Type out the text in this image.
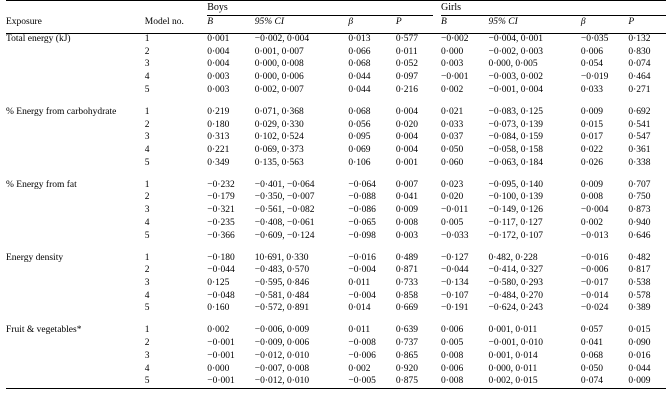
		Boys					Girls			
Exposure	Model no.	B	95% CI	β	P		B	95% CI	β	P

Total energy (kJ)	1	0·001	−0·002, 0·004	0·013	0·577		−0·002	−0·004, 0·001	−0·035	0·132
	2	0·004	0·001, 0·007	0·066	0·011		0·000	−0·002, 0·003	0·006	0·830
	3	0·004	0·000, 0·008	0·068	0·052		0·003	0·000, 0·005	0·054	0·074
	4	0·003	0·000, 0·006	0·044	0·097		−0·001	−0·003, 0·002	−0·019	0·464
	5	0·003	0·002, 0·007	0·044	0·216		0·002	−0·001, 0·004	0·033	0·271

% Energy from carbohydrate	1	0·219	0·071, 0·368	0·068	0·004		0·021	−0·083, 0·125	0·009	0·692
	2	0·180	0·029, 0·330	0·056	0·020		0·033	−0·073, 0·139	0·015	0·541
	3	0·313	0·102, 0·524	0·095	0·004		0·037	−0·084, 0·159	0·017	0·547
	4	0·221	0·069, 0·373	0·069	0·004		0·050	−0·058, 0·158	0·022	0·361
	5	0·349	0·135, 0·563	0·106	0·001		0·060	−0·063, 0·184	0·026	0·338

% Energy from fat	1	−0·232	−0·401, −0·064	−0·064	0·007		0·023	−0·095, 0·140	0·009	0·707
	2	−0·179	−0·350, −0·007	−0·088	0·041		0·020	−0·100, 0·139	0·008	0·750
	3	−0·321	−0·561, −0·082	−0·086	0·009		−0·011	−0·149, 0·126	−0·004	0·873
	4	−0·235	−0·408, −0·061	−0·065	0·008		0·005	−0·117, 0·127	0·002	0·940
	5	−0·366	−0·609, −0·124	−0·098	0·003		−0·033	−0·172, 0·107	−0·013	0·646

Energy density	1	−0·180	10·691, 0·330	−0·016	0·489		−0·127	0·482, 0·228	−0·016	0·482
	2	−0·044	−0·483, 0·570	−0·004	0·871		−0·044	−0·414, 0·327	−0·006	0·817
	3	0·125	−0·595, 0·846	0·011	0·733		−0·134	−0·580, 0·293	−0·017	0·538
	4	−0·048	−0·581, 0·484	−0·004	0·858		−0·107	−0·484, 0·270	−0·014	0·578
	5	0·160	−0·572, 0·891	0·014	0·669		−0·191	−0·624, 0·243	−0·024	0·389

Fruit & vegetables*	1	0·002	−0·006, 0·009	0·011	0·639		0·006	0·001, 0·011	0·057	0·015
	2	−0·001	−0·009, 0·006	−0·008	0·737		0·005	−0·001, 0·010	0·041	0·090
	3	−0·001	−0·012, 0·010	−0·006	0·865		0·008	0·001, 0·014	0·068	0·016
	4	0·000	−0·007, 0·008	0·002	0·920		0·006	0·000, 0·011	0·050	0·044
	5	−0·001	−0·012, 0·010	−0·005	0·875		0·008	0·002, 0·015	0·074	0·009
